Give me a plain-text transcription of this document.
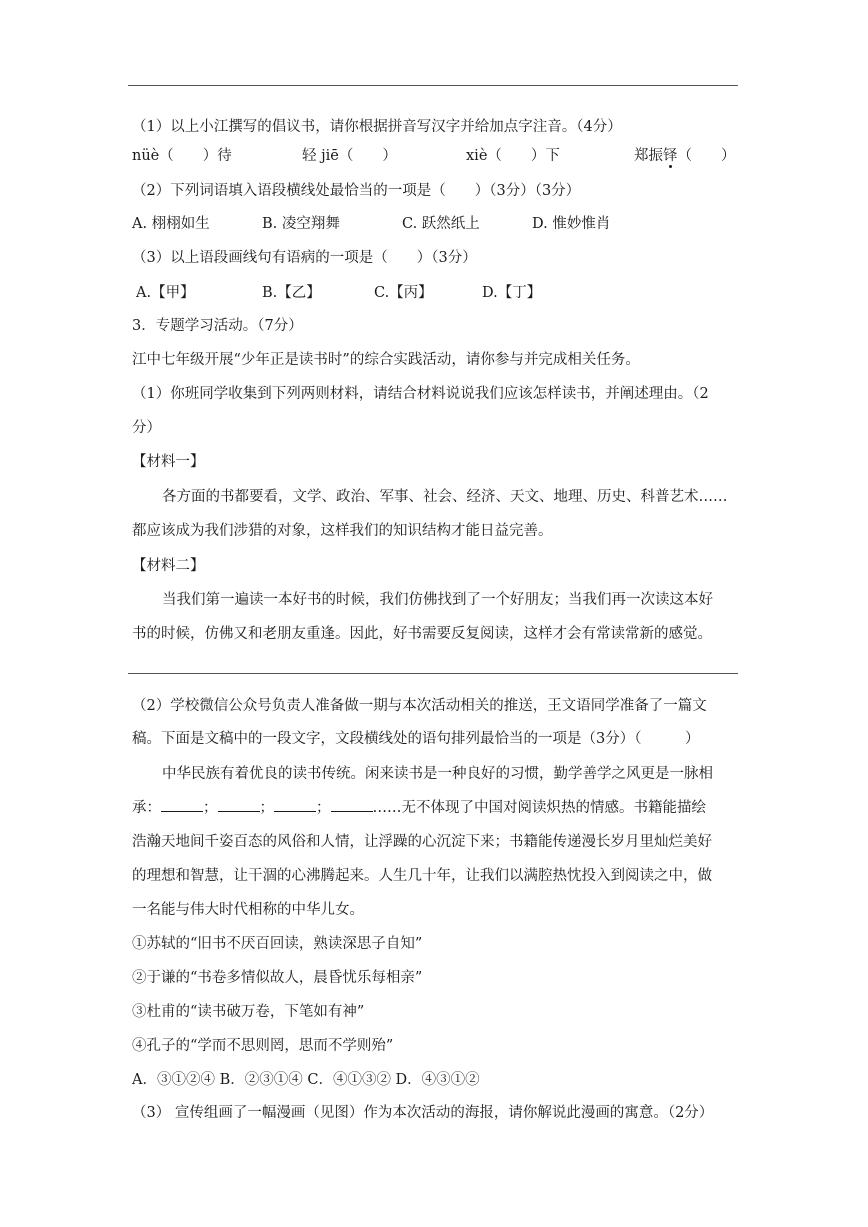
（1）以上小江撰写的倡议书，请你根据拼音写汉字并给加点字注音。（4分）
nüè（　　）待	轻 jiē（　　）	xiè（　　）下	郑振铎（　　）
（2）下列词语填入语段横线处最恰当的一项是（　　）（3分）（3分）
A. 栩栩如生	B. 凌空翔舞	C. 跃然纸上	D. 惟妙惟肖
（3）以上语段画线句有语病的一项是（　　）（3分）
A.【甲】	B.【乙】	C.【丙】	D.【丁】
3．专题学习活动。（7分）
江中七年级开展“少年正是读书时”的综合实践活动，请你参与并完成相关任务。
（1）你班同学收集到下列两则材料，请结合材料说说我们应该怎样读书，并阐述理由。（2
分）
【材料一】
各方面的书都要看，文学、政治、军事、社会、经济、天文、地理、历史、科普艺术……
都应该成为我们涉猎的对象，这样我们的知识结构才能日益完善。
【材料二】
当我们第一遍读一本好书的时候，我们仿佛找到了一个好朋友；当我们再一次读这本好
书的时候，仿佛又和老朋友重逢。因此，好书需要反复阅读，这样才会有常读常新的感觉。
（2）学校微信公众号负责人准备做一期与本次活动相关的推送，王文语同学准备了一篇文
稿。下面是文稿中的一段文字，文段横线处的语句排列最恰当的一项是（3分）（　　　）
中华民族有着优良的读书传统。闲来读书是一种良好的习惯，勤学善学之风更是一脉相
承：	；	；	；	……无不体现了中国对阅读炽热的情感。书籍能描绘
浩瀚天地间千姿百态的风俗和人情，让浮躁的心沉淀下来；书籍能传递漫长岁月里灿烂美好
的理想和智慧，让干涸的心沸腾起来。人生几十年，让我们以满腔热忱投入到阅读之中，做
一名能与伟大时代相称的中华儿女。
①苏轼的“旧书不厌百回读，熟读深思子自知”
②于谦的“书卷多情似故人，晨昏忧乐每相亲”
③杜甫的“读书破万卷，下笔如有神”
④孔子的“学而不思则罔，思而不学则殆”
A．③①②④ B．②③①④ C．④①③② D．④③①②
（3） 宣传组画了一幅漫画（见图）作为本次活动的海报，请你解说此漫画的寓意。（2分）
